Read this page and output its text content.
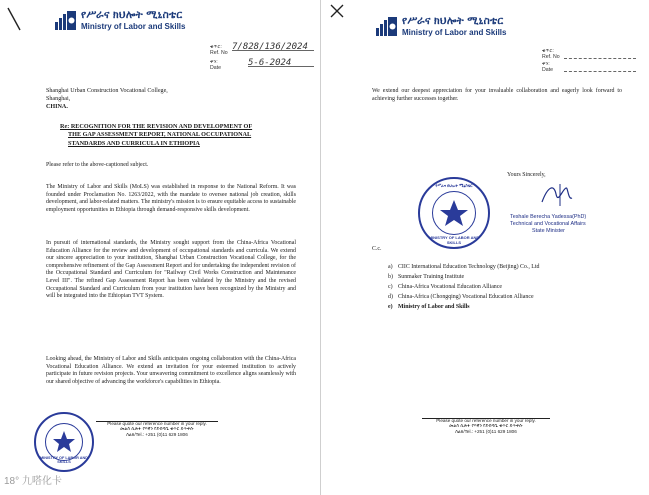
የሥራና ክህሎት ሚኒስቴር
Ministry of Labor and Skills
ቁጥር:
Ref. No
7/828/136/2024
ቀን:
Date
5-6-2024
Shanghai Urban Construction Vocational College,
Shanghai,
CHINA.
Re: RECOGNITION FOR THE REVISION AND DEVELOPMENT OF
THE GAP ASSESSMENT REPORT, NATIONAL OCCUPATIONAL
STANDARDS AND CURRICULA IN ETHIOPIA
Please refer to the above-captioned subject.
The Ministry of Labor and Skills (MoLS) was established in response to the National Reform. It was founded under Proclamation No. 1263/2022, with the mandate to oversee national job creation, skills development, and labor-related matters. The ministry's mission is to ensure equitable access to sustainable employment opportunities in Ethiopia through demand-responsive skills development.
In pursuit of international standards, the Ministry sought support from the China-Africa Vocational Education Alliance for the review and development of occupational standards and curricula. We extend our sincere appreciation to your institution, Shanghai Urban Construction Vocational College, for the comprehensive refinement of the Gap Assessment Report and for undertaking the independent revision of the Occupational Standard and Curriculum for "Railway Civil Works Construction and Maintenance Level III". The refined Gap Assessment Report has been validated by the Ministry and the revised Occupational Standard and Curriculum from your institution have been recognized by the Ministry and will be integrated into the Ethiopian TVT System.
Looking ahead, the Ministry of Labor and Skills anticipates ongoing collaboration with the China-Africa Vocational Education Alliance. We extend an invitation for your esteemed institution to actively participate in future revision projects. Your unwavering commitment to excellence aligns seamlessly with our shared objective of advancing the workforce's capabilities in Ethiopia.
MINISTRY OF LABOR AND SKILLS
Please quote our reference number in your reply.
መልስ ሲጽፉ የእኛን የደብዳቤ ቁጥር ይጥቀሱ
ስልክ/Tel.: +251 (0)11 629 1806
18° 九嗒化卡
የሥራና ክህሎት ሚኒስቴር
Ministry of Labor and Skills
ቁጥር:
Ref. No
ቀን:
Date
We extend our deepest appreciation for your invaluable collaboration and eagerly look forward to achieving further successes together.
Yours Sincerely,
የሥራና ክህሎት ሚኒስቴር
MINISTRY OF LABOR AND SKILLS
Teshale Berecha Yadessa(PhD)
Technical and Vocational Affairs
State Minister
C.c.
a) CIIC International Education Technology (Beijing) Co., Ltd
b) Sunmaker Training Institute
c) China-Africa Vocational Education Alliance
d) China-Africa (Chongqing) Vocational Education Alliance
e) Ministry of Labor and Skills
Please quote our reference number in your reply.
መልስ ሲጽፉ የእኛን የደብዳቤ ቁጥር ይጥቀሱ
ስልክ/Tel.: +251 (0)11 629 1806
